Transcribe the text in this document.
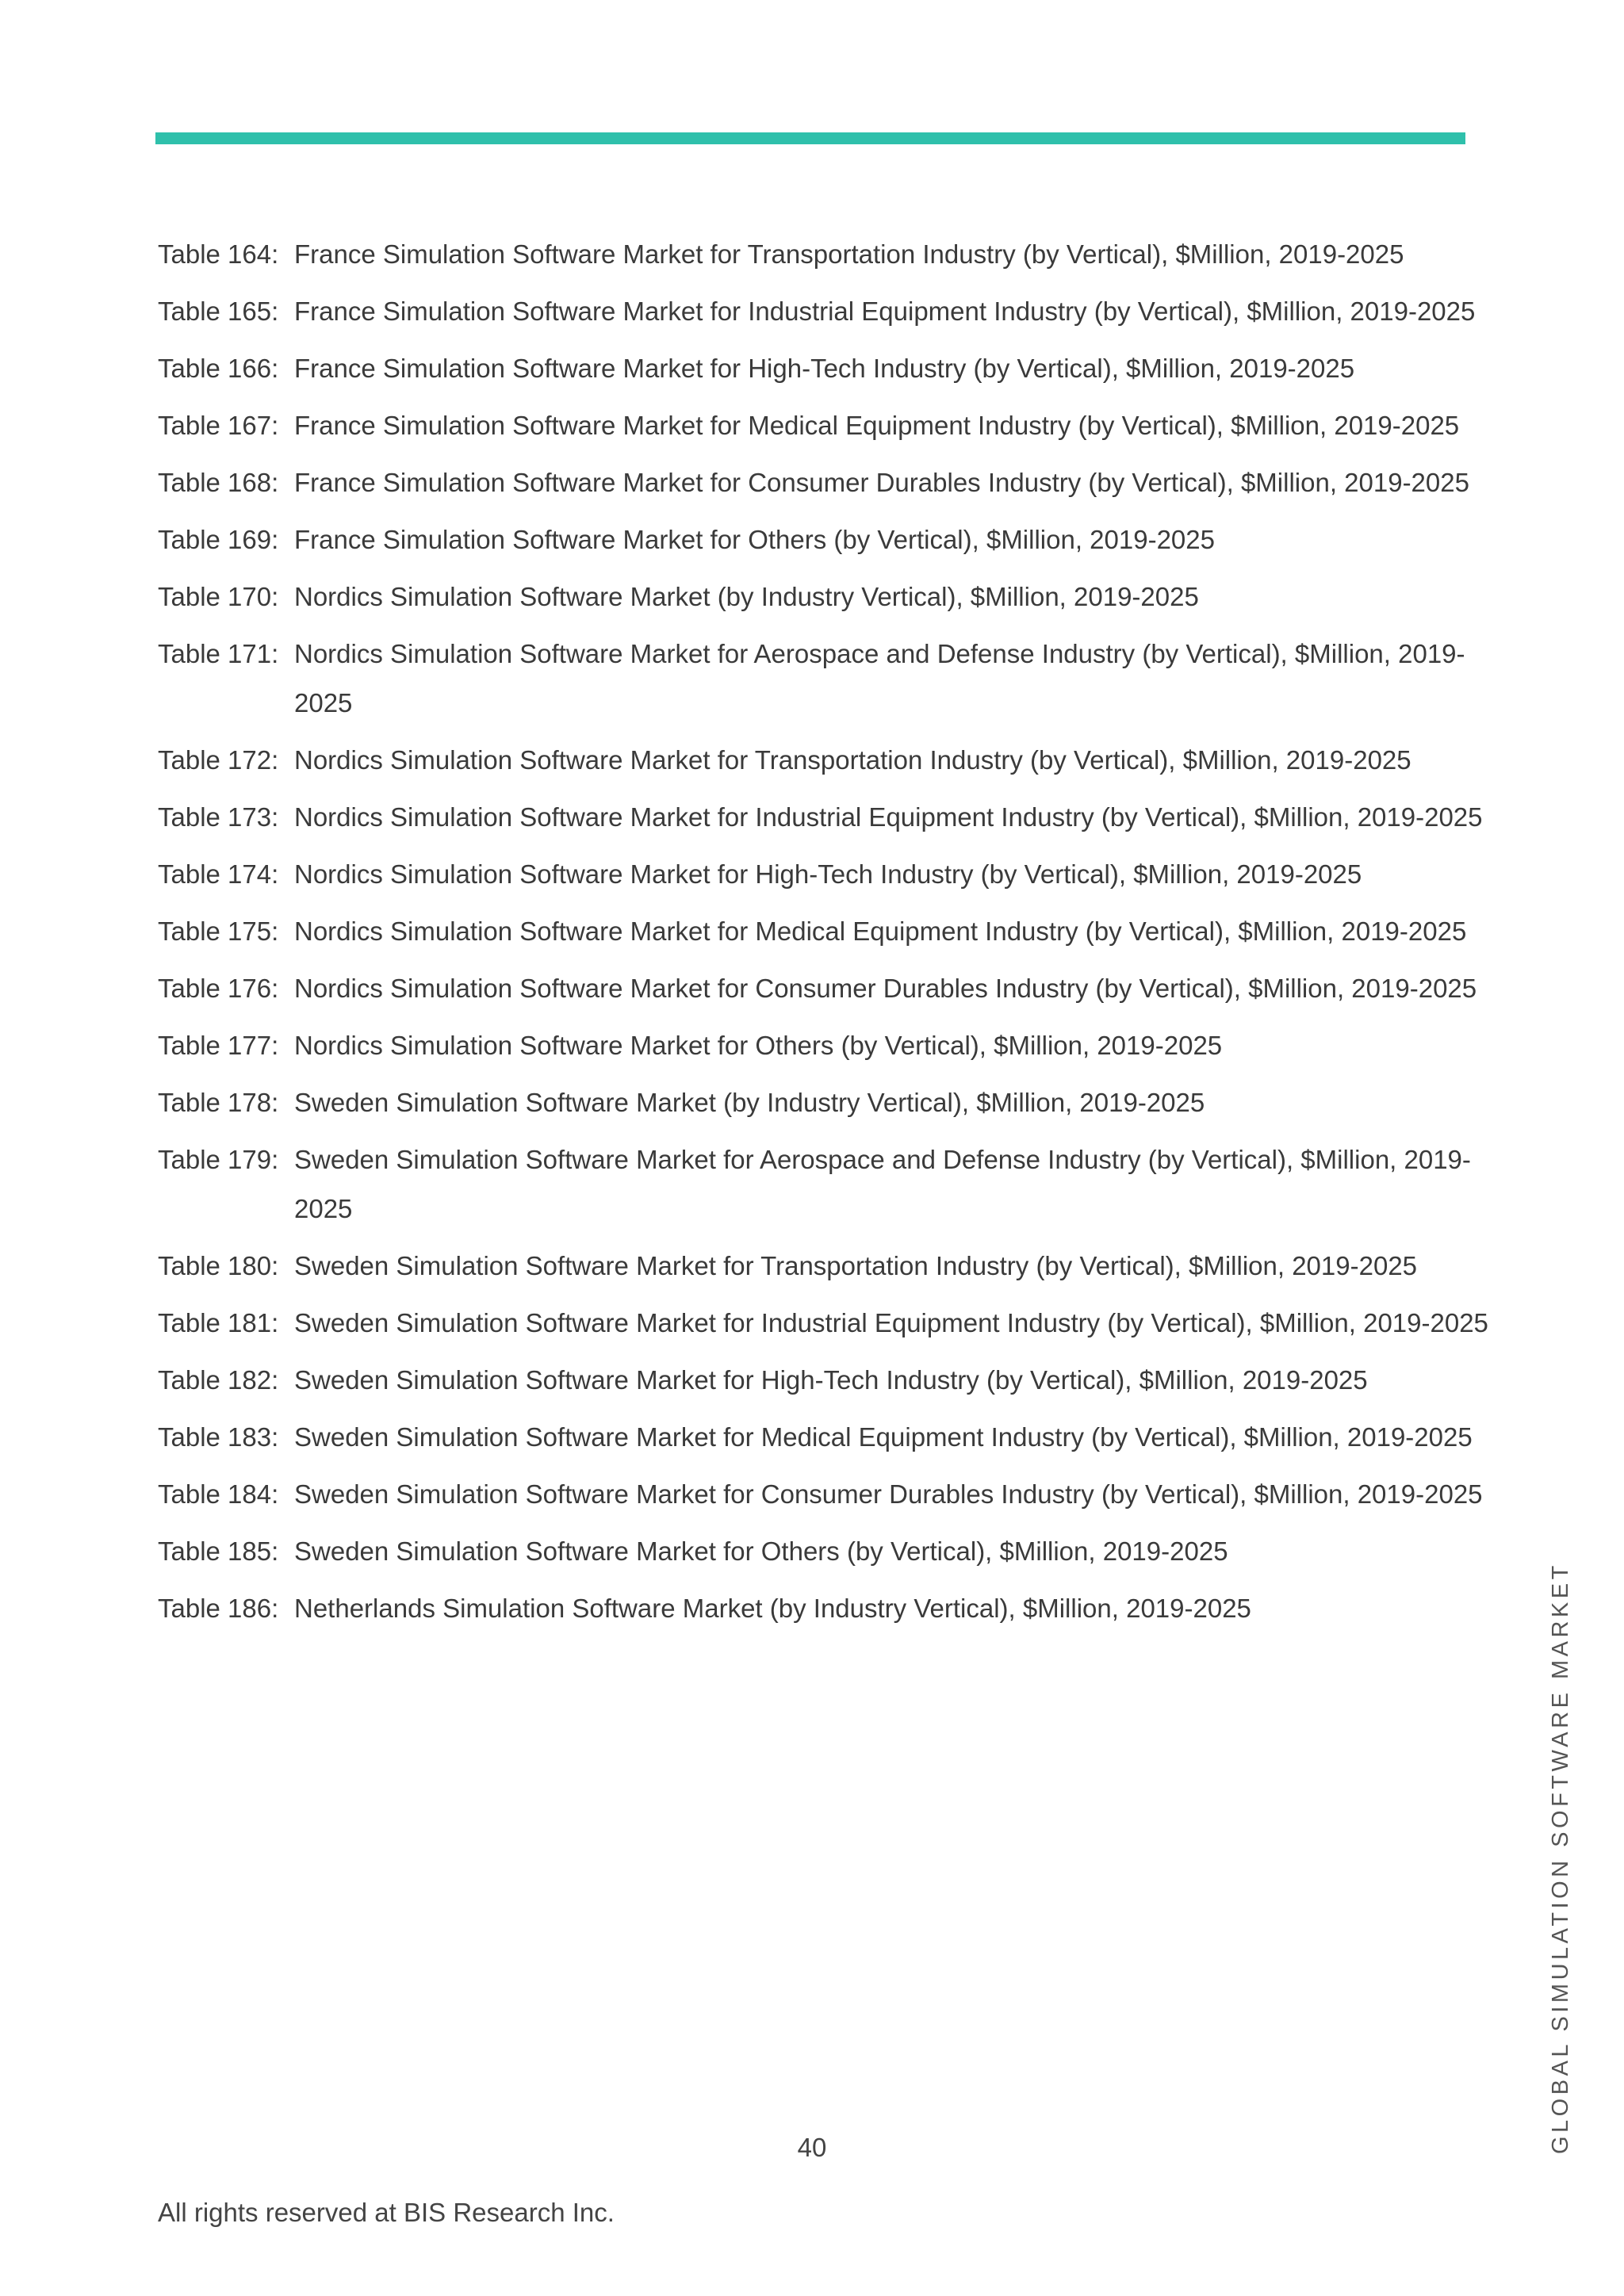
Table 164: France Simulation Software Market for Transportation Industry (by Vertical), $Million, 2019-2025
Table 165: France Simulation Software Market for Industrial Equipment Industry (by Vertical), $Million, 2019-2025
Table 166: France Simulation Software Market for High-Tech Industry (by Vertical), $Million, 2019-2025
Table 167: France Simulation Software Market for Medical Equipment Industry (by Vertical), $Million, 2019-2025
Table 168: France Simulation Software Market for Consumer Durables Industry (by Vertical), $Million, 2019-2025
Table 169: France Simulation Software Market for Others (by Vertical), $Million, 2019-2025
Table 170: Nordics Simulation Software Market (by Industry Vertical), $Million, 2019-2025
Table 171: Nordics Simulation Software Market for Aerospace and Defense Industry (by Vertical), $Million, 2019-2025
Table 172: Nordics Simulation Software Market for Transportation Industry (by Vertical), $Million, 2019-2025
Table 173: Nordics Simulation Software Market for Industrial Equipment Industry (by Vertical), $Million, 2019-2025
Table 174: Nordics Simulation Software Market for High-Tech Industry (by Vertical), $Million, 2019-2025
Table 175: Nordics Simulation Software Market for Medical Equipment Industry (by Vertical), $Million, 2019-2025
Table 176: Nordics Simulation Software Market for Consumer Durables Industry (by Vertical), $Million, 2019-2025
Table 177: Nordics Simulation Software Market for Others (by Vertical), $Million, 2019-2025
Table 178: Sweden Simulation Software Market (by Industry Vertical), $Million, 2019-2025
Table 179: Sweden Simulation Software Market for Aerospace and Defense Industry (by Vertical), $Million, 2019-2025
Table 180: Sweden Simulation Software Market for Transportation Industry (by Vertical), $Million, 2019-2025
Table 181: Sweden Simulation Software Market for Industrial Equipment Industry (by Vertical), $Million, 2019-2025
Table 182: Sweden Simulation Software Market for High-Tech Industry (by Vertical), $Million, 2019-2025
Table 183: Sweden Simulation Software Market for Medical Equipment Industry (by Vertical), $Million, 2019-2025
Table 184: Sweden Simulation Software Market for Consumer Durables Industry (by Vertical), $Million, 2019-2025
Table 185: Sweden Simulation Software Market for Others (by Vertical), $Million, 2019-2025
Table 186: Netherlands Simulation Software Market (by Industry Vertical), $Million, 2019-2025	GLOBAL SIMULATION SOFTWARE MARKET
40
All rights reserved at BIS Research Inc.
